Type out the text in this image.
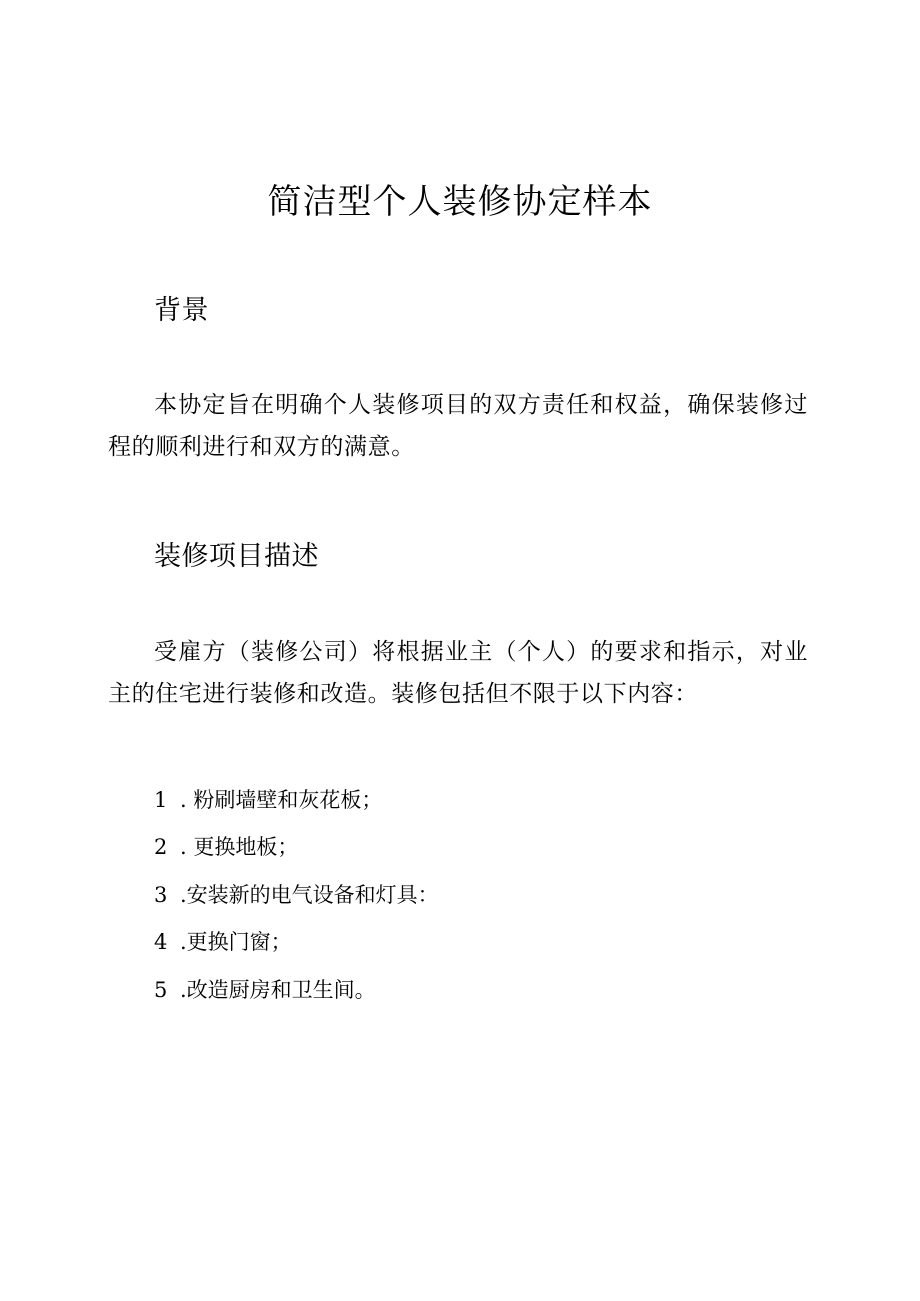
简洁型个人装修协定样本
背景

本协定旨在明确个人装修项目的双方责任和权益，确保装修过程的顺利进行和双方的满意。

装修项目描述

受雇方（装修公司）将根据业主（个人）的要求和指示，对业主的住宅进行装修和改造。装修包括但不限于以下内容：

1 . 粉刷墙壁和灰花板；
2 . 更换地板；
3 .安装新的电气设备和灯具：
4 .更换门窗；
5 .改造厨房和卫生间。
